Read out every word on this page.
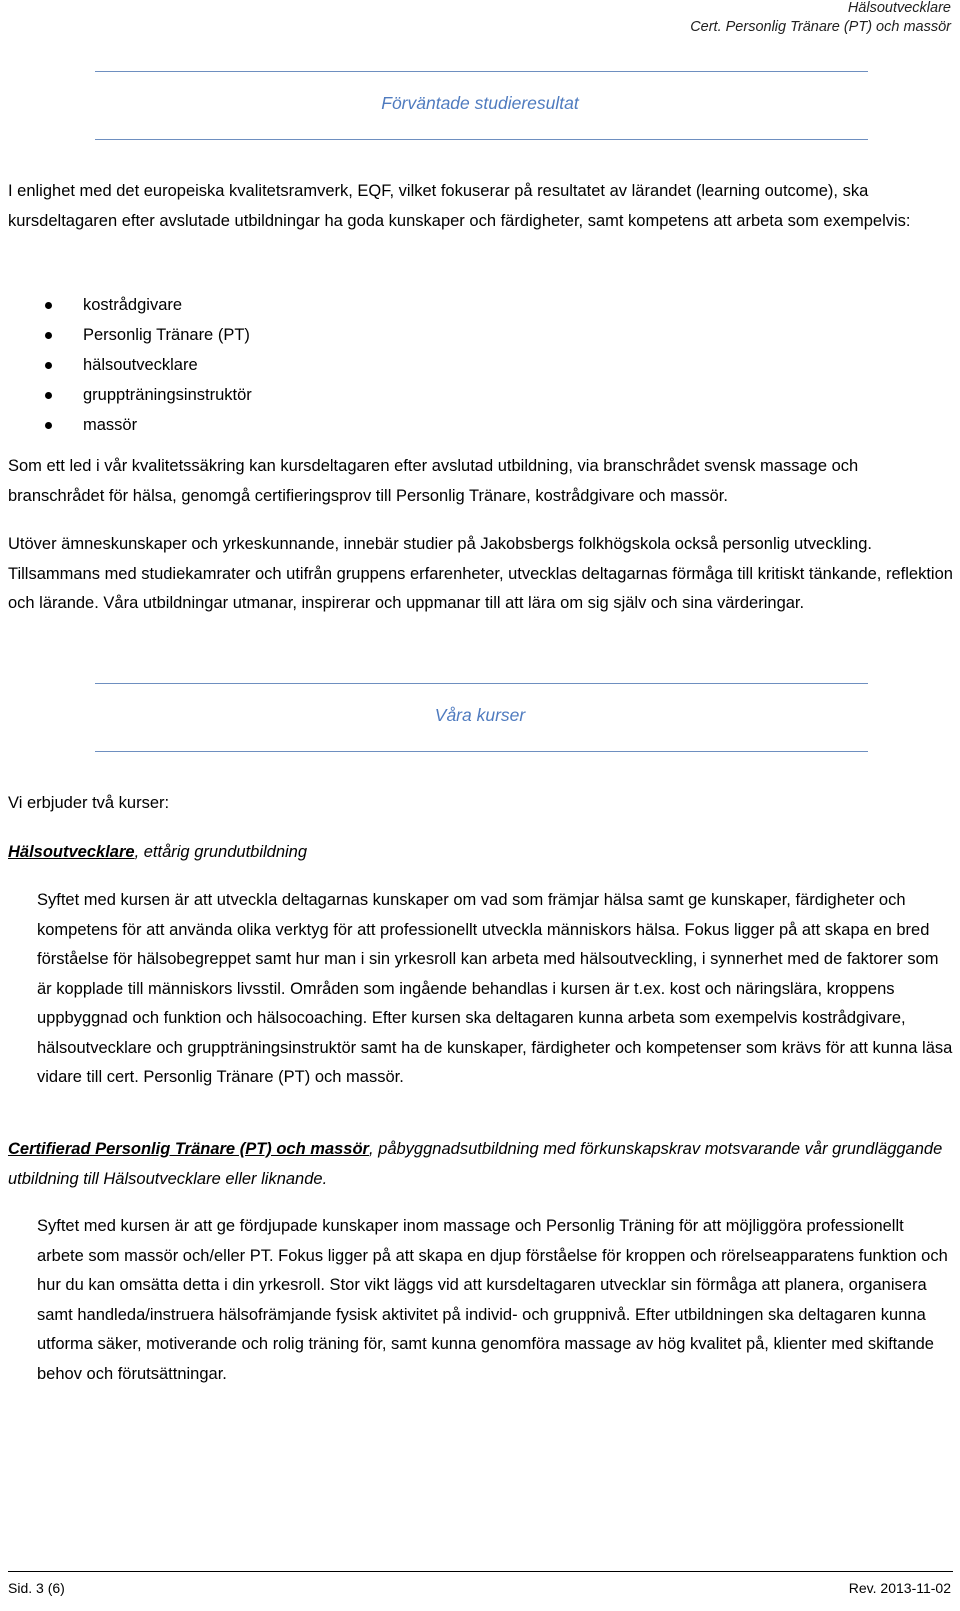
Hälsoutvecklare
Cert. Personlig Tränare (PT) och massör
Förväntade studieresultat

I enlighet med det europeiska kvalitetsramverk, EQF, vilket fokuserar på resultatet av lärandet (learning outcome), ska kursdeltagaren efter avslutade utbildningar ha goda kunskaper och färdigheter, samt kompetens att arbeta som exempelvis:

kostrådgivare
Personlig Tränare (PT)
hälsoutvecklare
gruppträningsinstruktör
massör

Som ett led i vår kvalitetssäkring kan kursdeltagaren efter avslutad utbildning, via branschrådet svensk massage och branschrådet för hälsa, genomgå certifieringsprov till Personlig Tränare, kostrådgivare och massör.

Utöver ämneskunskaper och yrkeskunnande, innebär studier på Jakobsbergs folkhögskola också personlig utveckling. Tillsammans med studiekamrater och utifrån gruppens erfarenheter, utvecklas deltagarnas förmåga till kritiskt tänkande, reflektion och lärande. Våra utbildningar utmanar, inspirerar och uppmanar till att lära om sig själv och sina värderingar.

Våra kurser

Vi erbjuder två kurser:

Hälsoutvecklare, ettårig grundutbildning

Syftet med kursen är att utveckla deltagarnas kunskaper om vad som främjar hälsa samt ge kunskaper, färdigheter och kompetens för att använda olika verktyg för att professionellt utveckla människors hälsa. Fokus ligger på att skapa en bred förståelse för hälsobegreppet samt hur man i sin yrkesroll kan arbeta med hälsoutveckling, i synnerhet med de faktorer som är kopplade till människors livsstil. Områden som ingående behandlas i kursen är t.ex. kost och näringslära, kroppens uppbyggnad och funktion och hälsocoaching. Efter kursen ska deltagaren kunna arbeta som exempelvis kostrådgivare, hälsoutvecklare och gruppträningsinstruktör samt ha de kunskaper, färdigheter och kompetenser som krävs för att kunna läsa vidare till cert. Personlig Tränare (PT) och massör.

Certifierad Personlig Tränare (PT) och massör, påbyggnadsutbildning med förkunskapskrav motsvarande vår grundläggande utbildning till Hälsoutvecklare eller liknande.

Syftet med kursen är att ge fördjupade kunskaper inom massage och Personlig Träning för att möjliggöra professionellt arbete som massör och/eller PT. Fokus ligger på att skapa en djup förståelse för kroppen och rörelseapparatens funktion och hur du kan omsätta detta i din yrkesroll. Stor vikt läggs vid att kursdeltagaren utvecklar sin förmåga att planera, organisera samt handleda/instruera hälsofrämjande fysisk aktivitet på individ- och gruppnivå. Efter utbildningen ska deltagaren kunna utforma säker, motiverande och rolig träning för, samt kunna genomföra massage av hög kvalitet på, klienter med skiftande behov och förutsättningar.

Sid. 3 (6)	Rev. 2013-11-02
